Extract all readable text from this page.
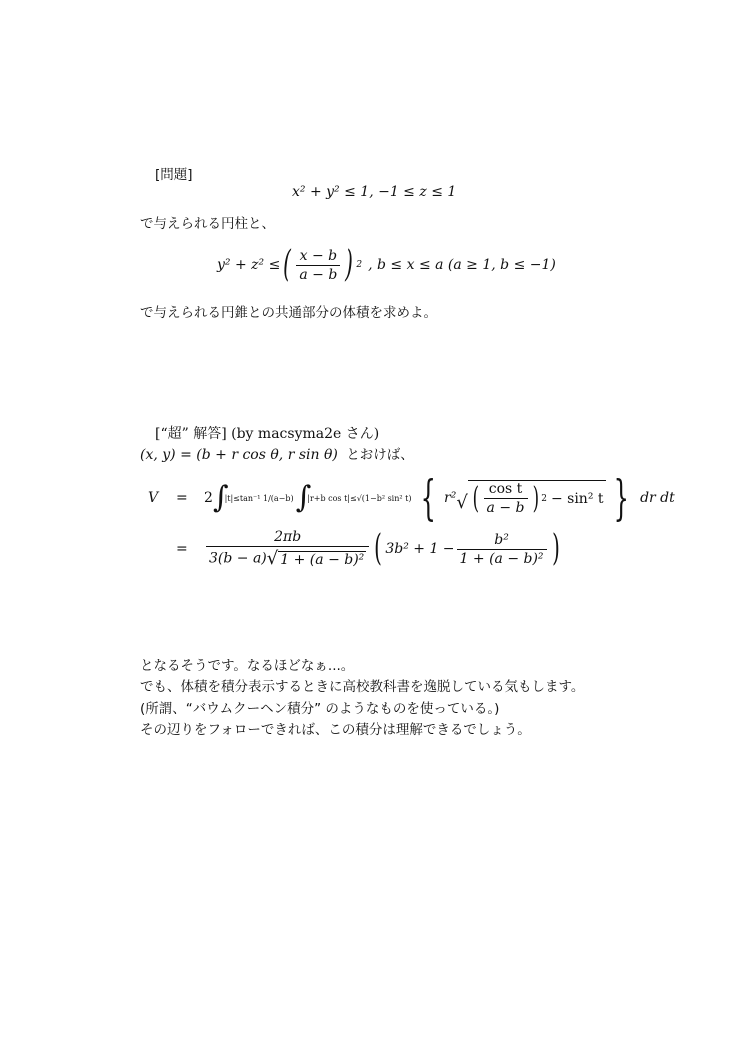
[問題]
x² + y² ≤ 1, −1 ≤ z ≤ 1
で与えられる円柱と、
y² + z² ≤ ( $\frac{x - b}{a - b}$ ) 2 , b ≤ x ≤ a (a ≥ 1, b ≤ −1)
で与えられる円錐との共通部分の体積を求めよ。
[“超” 解答] (by macsyma2e さん)
(x, y) = (b + r cos θ, r sin θ) とおけば、
V	=	2 ∫
|t|≤tan⁻¹ 1/(a−b) ∫
|r+b cos t|≤√(1−b² sin² t) { r² √ ( $\frac{\text{cos t}}{a - b}$ ) 2 − sin² t } dr dt
=	$\frac{2\pi b}{\text{3(b − a)√ 1 + (a − b)²}}$ ( $3b^2 + 1 - \frac{\text{b²}}{\text{1 + (a − b)²}}$ )
となるそうです。なるほどなぁ...。
でも、体積を積分表示するときに高校教科書を逸脱している気もします。
(所謂、“バウムクーヘン積分” のようなものを使っている。)
その辺りをフォローできれば、この積分は理解できるでしょう。
